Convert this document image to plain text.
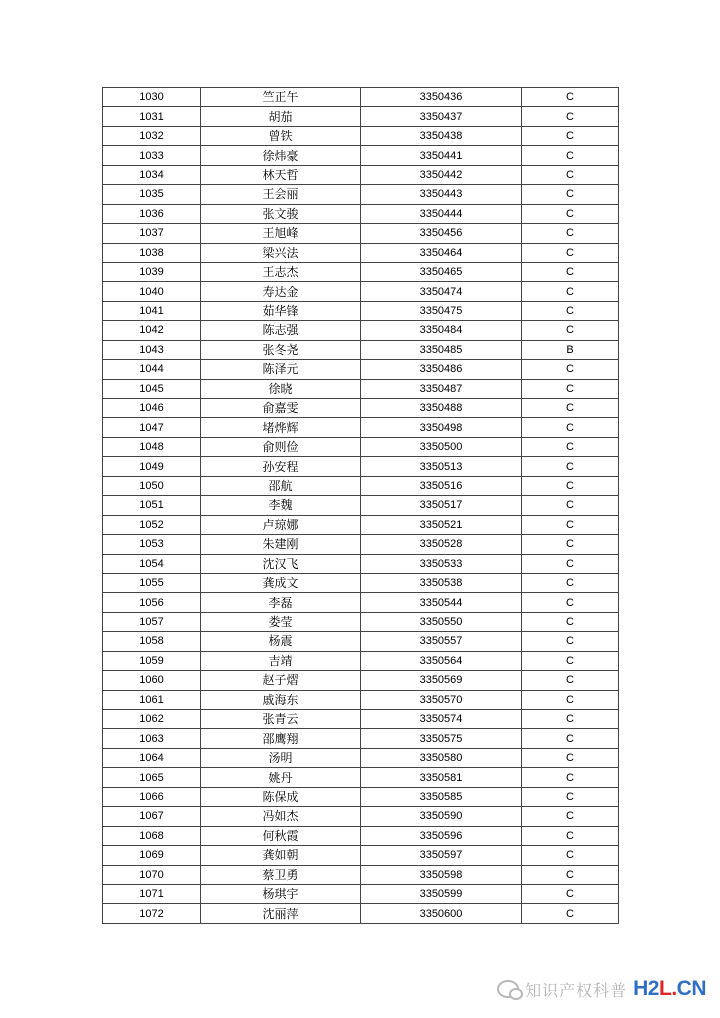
1030	竺正午	3350436	C
1031	胡茄	3350437	C
1032	曾铁	3350438	C
1033	徐炜豪	3350441	C
1034	林天哲	3350442	C
1035	王会丽	3350443	C
1036	张文骏	3350444	C
1037	王旭峰	3350456	C
1038	梁兴法	3350464	C
1039	王志杰	3350465	C
1040	寿达金	3350474	C
1041	茹华锋	3350475	C
1042	陈志强	3350484	C
1043	张冬尧	3350485	B
1044	陈泽元	3350486	C
1045	徐晓	3350487	C
1046	俞嘉雯	3350488	C
1047	堵烨辉	3350498	C
1048	俞则俭	3350500	C
1049	孙安程	3350513	C
1050	邵航	3350516	C
1051	李魏	3350517	C
1052	卢琼娜	3350521	C
1053	朱建刚	3350528	C
1054	沈汉飞	3350533	C
1055	龚成文	3350538	C
1056	李磊	3350544	C
1057	娄莹	3350550	C
1058	杨震	3350557	C
1059	吉靖	3350564	C
1060	赵子熠	3350569	C
1061	戚海东	3350570	C
1062	张青云	3350574	C
1063	邵鹰翔	3350575	C
1064	汤明	3350580	C
1065	姚丹	3350581	C
1066	陈保成	3350585	C
1067	冯如杰	3350590	C
1068	何秋霞	3350596	C
1069	龚如朝	3350597	C
1070	蔡卫勇	3350598	C
1071	杨琪宇	3350599	C
1072	沈丽萍	3350600	C
知识产权科普 H2L.CN
